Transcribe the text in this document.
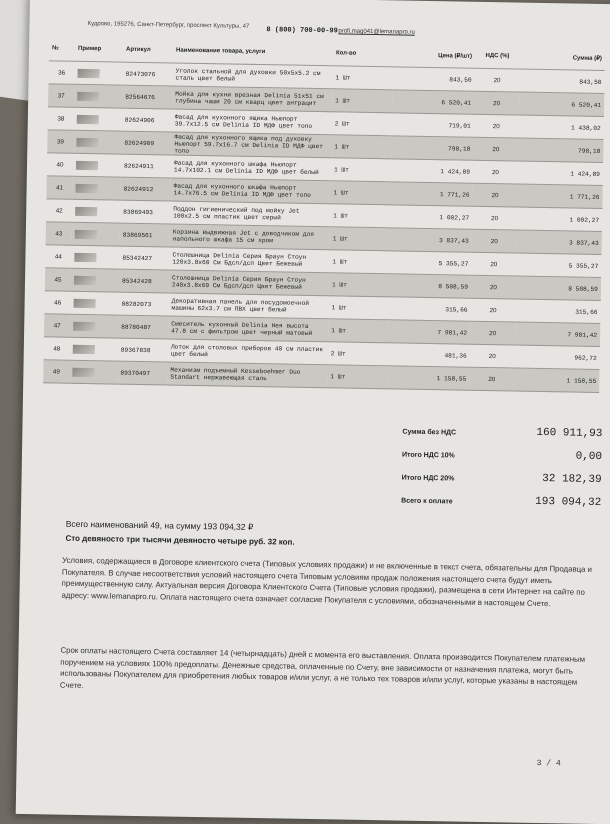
Кудрово, 195276, Санкт-Петербург, проспект Культуры, 47
8 (800) 700-00-99 profi.mag041@lemanapro.ru
№	Пример	Артикул	Наименование товара, услуги	Кол-во	Цена (₽/шт)	НДС (%)	Сумма (₽)
36		82473076	Уголок стальной для духовки 50x5x5.2 см сталь цвет белый	1 Шт	843,50	20	843,50
37		82564676	Мойка для кухни врезная Delinia 51x51 см глубина чаши 20 см кварц цвет антрацит	1 Шт	6 520,41	20	6 520,41
38		82624906	Фасад для кухонного ящика Ньюпорт 39.7x12.5 см Delinia ID МДФ цвет топо	2 Шт	719,01	20	1 438,02
39		82624909	Фасад для кухонного ящика под духовку Ньюпорт 59.7x16.7 см Delinia ID МДФ цвет топо	1 Шт	798,18	20	798,18
40		82624911	Фасад для кухонного шкафа Ньюпорт 14.7x102.1 см Delinia ID МДФ цвет белый	1 Шт	1 424,89	20	1 424,89
41		82624912	Фасад для кухонного шкафа Ньюпорт 14.7x76.5 см Delinia ID МДФ цвет топо	1 Шт	1 771,26	20	1 771,26
42		83869493	Поддон гигиенический под мойку Jet 100x2.5 см пластик цвет серый	1 Шт	1 002,27	20	1 002,27
43		83869561	Корзина выдвижная Jet с доводчиком для напольного шкафа 15 см хром	1 Шт	3 837,43	20	3 837,43
44		85342427	Столешница Delinia Серия Браун Стоун 120x3.8x60 См Бдсп/дсп Цвет Бежевый	1 Шт	5 355,27	20	5 355,27
45		85342428	Столешница Delinia Серия Браун Стоун 240x3.8x60 См Бдсп/дсп Цвет Бежевый	1 Шт	8 508,59	20	8 508,59
46		88282073	Декоративная панель для посудомоечной машины 62x3.7 см ПВХ цвет белый	1 Шт	315,66	20	315,66
47		88780487	Смеситель кухонный Delinia Нея высота 47.8 см с фильтром цвет черный матовый	1 Шт	7 981,42	20	7 981,42
48		89367838	Лоток для столовых приборов 40 см пластик цвет белый	2 Шт	481,36	20	962,72
49		89370497	Механизм подъемный Kesseboehmer Duo Standart нержавеющая сталь	1 Шт	1 158,55	20	1 158,55
Сумма без НДС	160 911,93
Итого НДС 10%	0,00
Итого НДС 20%	32 182,39
Всего к оплате	193 094,32
Всего наименований 49, на сумму 193 094,32 ₽
Сто девяносто три тысячи девяносто четыре руб. 32 коп.
Условия, содержащиеся в Договоре клиентского счета (Типовых условиях продажи) и не включенные в текст счета, обязательны для Продавца и Покупателя. В случае несоответствия условий настоящего счета Типовым условиям продаж положения настоящего счета будут иметь преимущественную силу. Актуальная версия Договора Клиентского Счета (Типовые условия продажи), размещена в сети Интернет на сайте по адресу: www.lemanapro.ru. Оплата настоящего счета означает согласие Покупателя с условиями, обозначенными в настоящем Счете.
Срок оплаты настоящего Счета составляет 14 (четырнадцать) дней с момента его выставления. Оплата производится Покупателем платежным поручением на условиях 100% предоплаты. Денежные средства, оплаченные по Счету, вне зависимости от назначения платежа, могут быть использованы Покупателем для приобретения любых товаров и/или услуг, а не только тех товаров и/или услуг, которые указаны в настоящем Счете.
3 / 4
